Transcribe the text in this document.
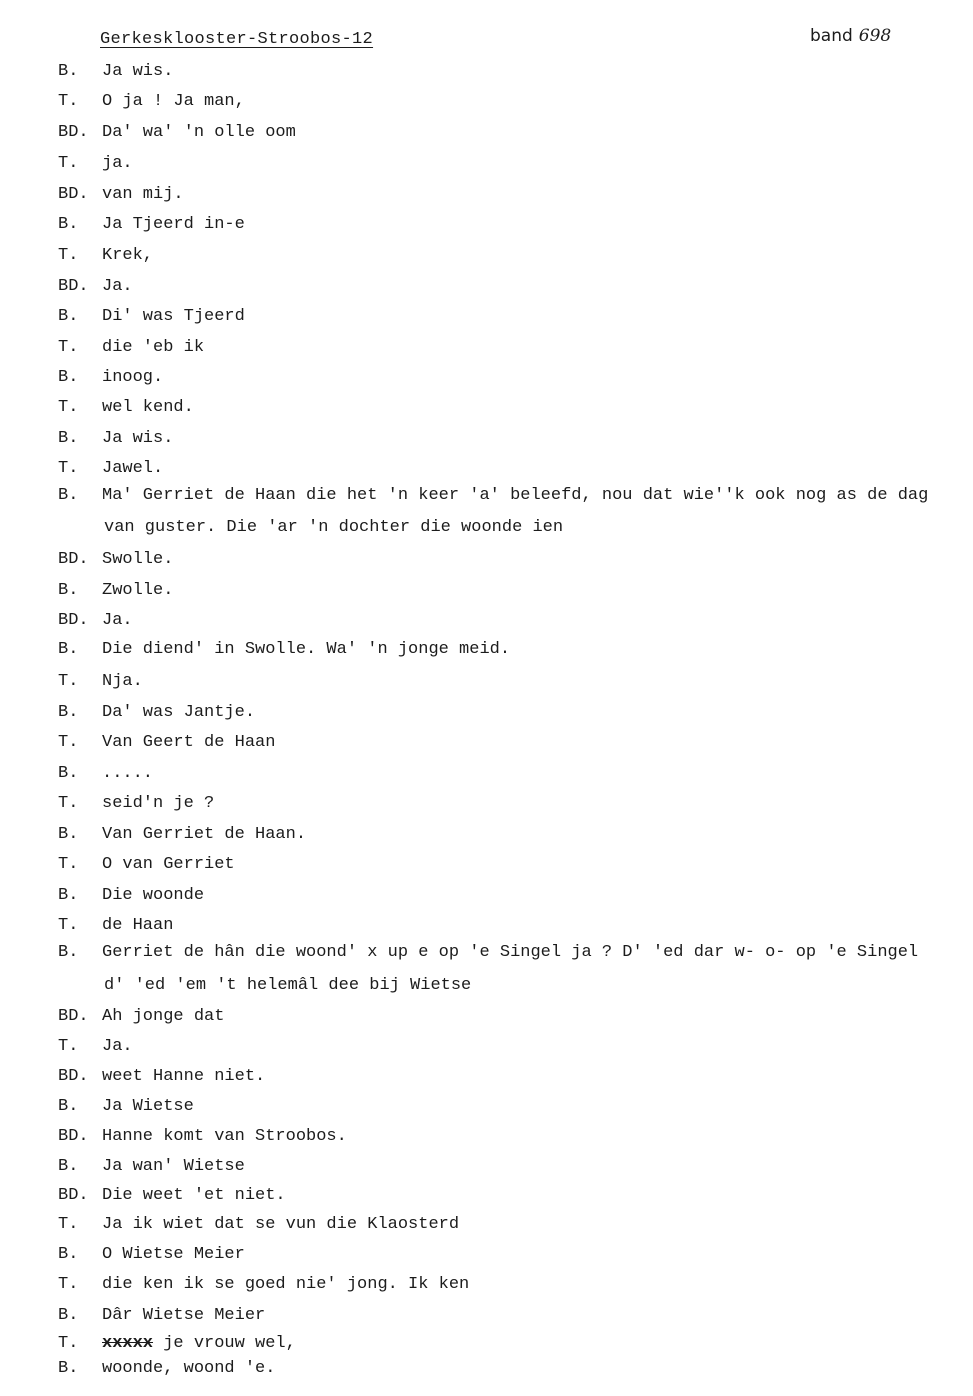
Gerkesklooster-Stroobos-12	band 698
B. Ja wis.
T. O ja ! Ja man,
BD. Da' wa' 'n olle oom
T. ja.
BD. van mij.
B. Ja Tjeerd in-e
T. Krek,
BD. Ja.
B. Di' was Tjeerd
T. die 'eb ik
B. inoog.
T. wel kend.
B. Ja wis.
T. Jawel.
B. Ma' Gerriet de Haan die het 'n keer 'a' beleefd, nou dat wie''k ook nog as de dag
van guster. Die 'ar 'n dochter die woonde ien
BD. Swolle.
B. Zwolle.
BD. Ja.
B. Die diend' in Swolle. Wa' 'n jonge meid.
T. Nja.
B. Da' was Jantje.
T. Van Geert de Haan
B. .....
T. seid'n je ?
B. Van Gerriet de Haan.
T. O van Gerriet
B. Die woonde
T. de Haan
B. Gerriet de hân die woond' x up e op 'e Singel ja ? D' 'ed dar w- o- op 'e Singel
d' 'ed 'em 't helemâl dee bij Wietse
BD. Ah jonge dat
T. Ja.
BD. weet Hanne niet.
B. Ja Wietse
BD. Hanne komt van Stroobos.
B. Ja wan' Wietse
BD. Die weet 'et niet.
T. Ja ik wiet dat se vun die Klaosterd
B. O Wietse Meier
T. die ken ik se goed nie' jong. Ik ken
B. Dâr Wietse Meier
T. xxxxx je vrouw wel,
B. woonde, woond 'e.
